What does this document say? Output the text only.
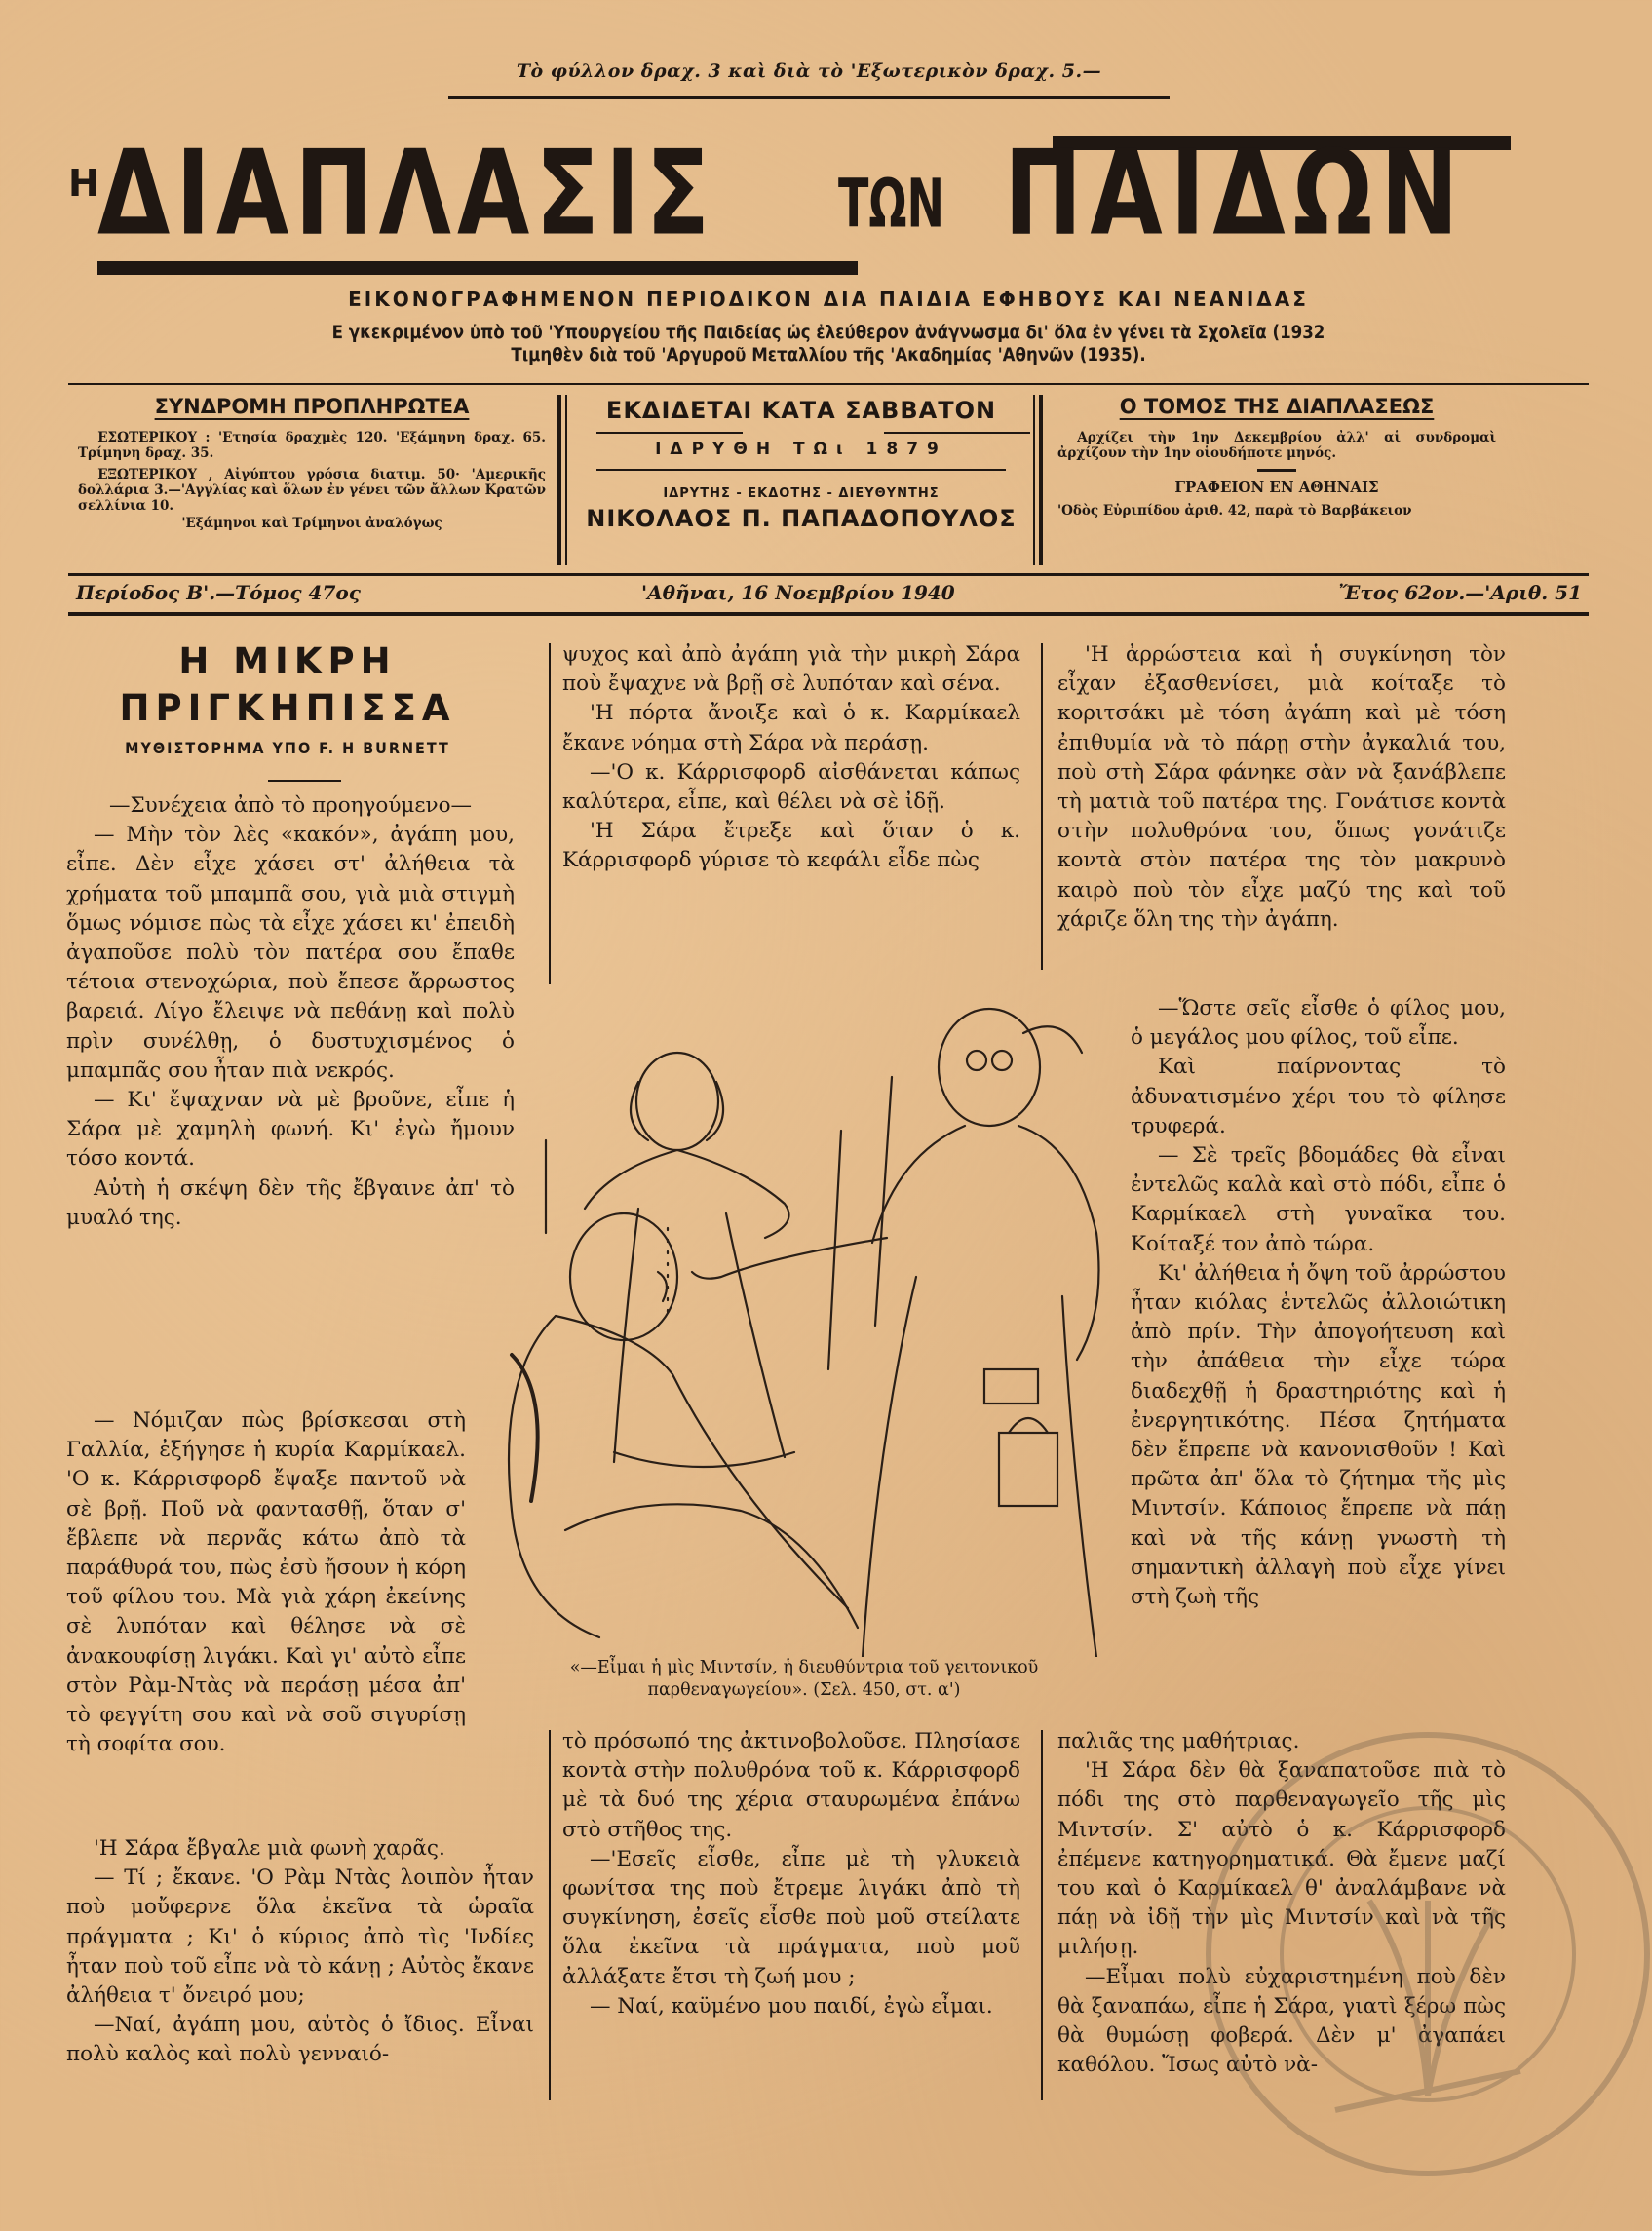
Τὸ φύλλον δραχ. 3 καὶ διὰ τὸ 'Εξωτερικὸν δραχ. 5.—
Η
ΔΙΑΠΛΑΣΙΣ	ΤΩΝ ΠΑΙΔΩΝ
ΕΙΚΟΝΟΓΡΑΦΗΜΕΝΟΝ ΠΕΡΙΟΔΙΚΟΝ ΔΙΑ ΠΑΙΔΙΑ ΕΦΗΒΟΥΣ ΚΑΙ ΝΕΑΝΙΔΑΣ
Ε γκεκριμένον ὑπὸ τοῦ 'Υπουργείου τῆς Παιδείας ὡς ἐλεύθερον ἀνάγνωσμα δι' ὅλα ἐν γένει τὰ Σχολεῖα (1932
Τιμηθὲν διὰ τοῦ 'Αργυροῦ Μεταλλίου τῆς 'Ακαδημίας 'Αθηνῶν (1935).
ΣΥΝΔΡΟΜΗ ΠΡΟΠΛΗΡΩΤΕΑ

ΕΣΩΤΕΡΙΚΟΥ : 'Ετησία δραχμὲς 120. 'Εξάμηνη δραχ. 65. Τρίμηνη δραχ. 35.

ΕΞΩΤΕΡΙΚΟΥ , Αἰγύπτου γρόσια διατιμ. 50· 'Αμερικῆς δολλάρια 3.—'Αγγλίας καὶ ὅλων ἐν γένει τῶν ἄλλων Κρατῶν σελλίνια 10.

'Εξάμηνοι καὶ Τρίμηνοι ἀναλόγως

ΕΚΔΙΔΕΤΑΙ ΚΑΤΑ ΣΑΒΒΑΤΟΝ
ΙΔΡΥΘΗ ΤΩι 1879
ΙΔΡΥΤΗΣ - ΕΚΔΟΤΗΣ - ΔΙΕΥΘΥΝΤΗΣ
ΝΙΚΟΛΑΟΣ Π. ΠΑΠΑΔΟΠΟΥΛΟΣ
Ο ΤΟΜΟΣ ΤΗΣ ΔΙΑΠΛΑΣΕΩΣ

Αρχίζει τὴν 1ην Δεκεμβρίου ἀλλ' αἱ συνδρομαὶ ἀρχίζουν τὴν 1ην οἱουδήποτε μηνός.

ΓΡΑΦΕΙΟΝ ΕΝ ΑΘΗΝΑΙΣ

'Οδὸς Εὐριπίδου ἀριθ. 42, παρὰ τὸ Βαρβάκειον

Περίοδος Β'.—Τόμος 47ος	'Αθῆναι, 16 Νοεμβρίου 1940	Ἔτος 62ον.—'Αριθ. 51
Η ΜΙΚΡΗ
ΠΡΙΓΚΗΠΙΣΣΑ
ΜΥΘΙΣΤΟΡΗΜΑ ΥΠΟ F. H BURNETT

—Συνέχεια ἀπὸ τὸ προηγούμενο—

— Μὴν τὸν λὲς «κακόν», ἀγάπη μου, εἶπε. Δὲν εἶχε χάσει στ' ἀλήθεια τὰ χρήματα τοῦ μπαμπᾶ σου, γιὰ μιὰ στιγμὴ ὅμως νόμισε πὼς τὰ εἶχε χάσει κι' ἐπειδὴ ἀγαποῦσε πολὺ τὸν πατέρα σου ἔπαθε τέτοια στενοχώρια, ποὺ ἔπεσε ἄρρωστος βαρειά. Λίγο ἔλειψε νὰ πεθάνῃ καὶ πολὺ πρὶν συνέλθῃ, ὁ δυστυχισμένος ὁ μπαμπᾶς σου ἦταν πιὰ νεκρός.

— Κι' ἔψαχναν νὰ μὲ βροῦνε, εἶπε ἡ Σάρα μὲ χαμηλὴ φωνή. Κι' ἐγὼ ἤμουν τόσο κοντά.

Αὐτὴ ἡ σκέψη δὲν τῆς ἔβγαινε ἀπ' τὸ μυαλό της.

— Νόμιζαν πὼς βρίσκεσαι στὴ Γαλλία, ἐξήγησε ἡ κυρία Καρμίκαελ. 'Ο κ. Κάρρισφορδ ἔψαξε παντοῦ νὰ σὲ βρῇ. Ποῦ νὰ φαντασθῇ, ὅταν σ' ἔβλεπε νὰ περνᾶς κάτω ἀπὸ τὰ παράθυρά του, πὼς ἐσὺ ἤσουν ἡ κόρη τοῦ φίλου του. Μὰ γιὰ χάρη ἐκείνης σὲ λυπόταν καὶ θέλησε νὰ σὲ ἀνακουφίσῃ λιγάκι. Καὶ γι' αὐτὸ εἶπε στὸν Ρὰμ-Ντὰς νὰ περάσῃ μέσα ἀπ' τὸ φεγγίτη σου καὶ νὰ σοῦ σιγυρίσῃ τὴ σοφίτα σου.

'Η Σάρα ἔβγαλε μιὰ φωνὴ χαρᾶς.

— Τί ; ἔκανε. 'Ο Ρὰμ Ντὰς λοιπὸν ἦταν ποὺ μοὔφερνε ὅλα ἐκεῖνα τὰ ὡραῖα πράγματα ; Κι' ὁ κύριος ἀπὸ τὶς 'Ινδίες ἦταν ποὺ τοῦ εἶπε νὰ τὸ κάνῃ ; Αὐτὸς ἔκανε ἀλήθεια τ' ὄνειρό μου;

—Ναί, ἀγάπη μου, αὐτὸς ὁ ἴδιος. Εἶναι πολὺ καλὸς καὶ πολὺ γενναιό-

ψυχος καὶ ἀπὸ ἀγάπη γιὰ τὴν μικρὴ Σάρα ποὺ ἔψαχνε νὰ βρῇ σὲ λυπόταν καὶ σένα.

'Η πόρτα ἄνοιξε καὶ ὁ κ. Καρμίκαελ ἔκανε νόημα στὴ Σάρα νὰ περάσῃ.

—'Ο κ. Κάρρισφορδ αἰσθάνεται κάπως καλύτερα, εἶπε, καὶ θέλει νὰ σὲ ἰδῇ.

'Η Σάρα ἔτρεξε καὶ ὅταν ὁ κ. Κάρρισφορδ γύρισε τὸ κεφάλι εἶδε πὼς

«—Εἶμαι ἡ μὶς Μιντσίν, ἡ διευθύντρια τοῦ γειτονικοῦ παρθεναγωγείου». (Σελ. 450, στ. α')

τὸ πρόσωπό της ἀκτινοβολοῦσε. Πλησίασε κοντὰ στὴν πολυθρόνα τοῦ κ. Κάρρισφορδ μὲ τὰ δυό της χέρια σταυρωμένα ἐπάνω στὸ στῆθος της.

—'Εσεῖς εἶσθε, εἶπε μὲ τὴ γλυκειὰ φωνίτσα της ποὺ ἔτρεμε λιγάκι ἀπὸ τὴ συγκίνηση, ἐσεῖς εἶσθε ποὺ μοῦ στείλατε ὅλα ἐκεῖνα τὰ πράγματα, ποὺ μοῦ ἀλλάξατε ἔτσι τὴ ζωή μου ;

— Ναί, καϋμένο μου παιδί, ἐγὼ εἶμαι.

'Η ἀρρώστεια καὶ ἡ συγκίνηση τὸν εἶχαν ἐξασθενίσει, μιὰ κοίταξε τὸ κοριτσάκι μὲ τόση ἀγάπη καὶ μὲ τόση ἐπιθυμία νὰ τὸ πάρῃ στὴν ἀγκαλιά του, ποὺ στὴ Σάρα φάνηκε σὰν νὰ ξανάβλεπε τὴ ματιὰ τοῦ πατέρα της. Γονάτισε κοντὰ στὴν πολυθρόνα του, ὅπως γονάτιζε κοντὰ στὸν πατέρα της τὸν μακρυνὸ καιρὸ ποὺ τὸν εἶχε μαζύ της καὶ τοῦ χάριζε ὅλη της τὴν ἀγάπη.

—Ὥστε σεῖς εἶσθε ὁ φίλος μου, ὁ μεγάλος μου φίλος, τοῦ εἶπε.

Καὶ παίρνοντας τὸ ἀδυνατισμένο χέρι του τὸ φίλησε τρυφερά.

— Σὲ τρεῖς βδομάδες θὰ εἶναι ἐντελῶς καλὰ καὶ στὸ πόδι, εἶπε ὁ Καρμίκαελ στὴ γυναῖκα του. Κοίταξέ τον ἀπὸ τώρα.

Κι' ἀλήθεια ἡ ὄψη τοῦ ἀρρώστου ἦταν κιόλας ἐντελῶς ἀλλοιώτικη ἀπὸ πρίν. Τὴν ἀπογοήτευση καὶ τὴν ἀπάθεια τὴν εἶχε τώρα διαδεχθῇ ἡ δραστηριότης καὶ ἡ ἐνεργητικότης. Πέσα ζητήματα δὲν ἔπρεπε νὰ κανονισθοῦν ! Καὶ πρῶτα ἀπ' ὅλα τὸ ζήτημα τῆς μὶς Μιντσίν. Κάποιος ἔπρεπε νὰ πάῃ καὶ νὰ τῆς κάνῃ γνωστὴ τὴ σημαντικὴ ἀλλαγὴ ποὺ εἶχε γίνει στὴ ζωὴ τῆς

παλιᾶς της μαθήτριας.

'Η Σάρα δὲν θὰ ξαναπατοῦσε πιὰ τὸ πόδι της στὸ παρθεναγωγεῖο τῆς μὶς Μιντσίν. Σ' αὐτὸ ὁ κ. Κάρρισφορδ ἐπέμενε κατηγορηματικά. Θὰ ἔμενε μαζί του καὶ ὁ Καρμίκαελ θ' ἀναλάμβανε νὰ πάῃ νὰ ἰδῇ τὴν μὶς Μιντσίν καὶ νὰ τῆς μιλήσῃ.

—Εἶμαι πολὺ εὐχαριστημένη ποὺ δὲν θὰ ξαναπάω, εἶπε ἡ Σάρα, γιατὶ ξέρω πὼς θὰ θυμώσῃ φοβερά. Δὲν μ' ἀγαπάει καθόλου. Ἴσως αὐτὸ νὰ-
